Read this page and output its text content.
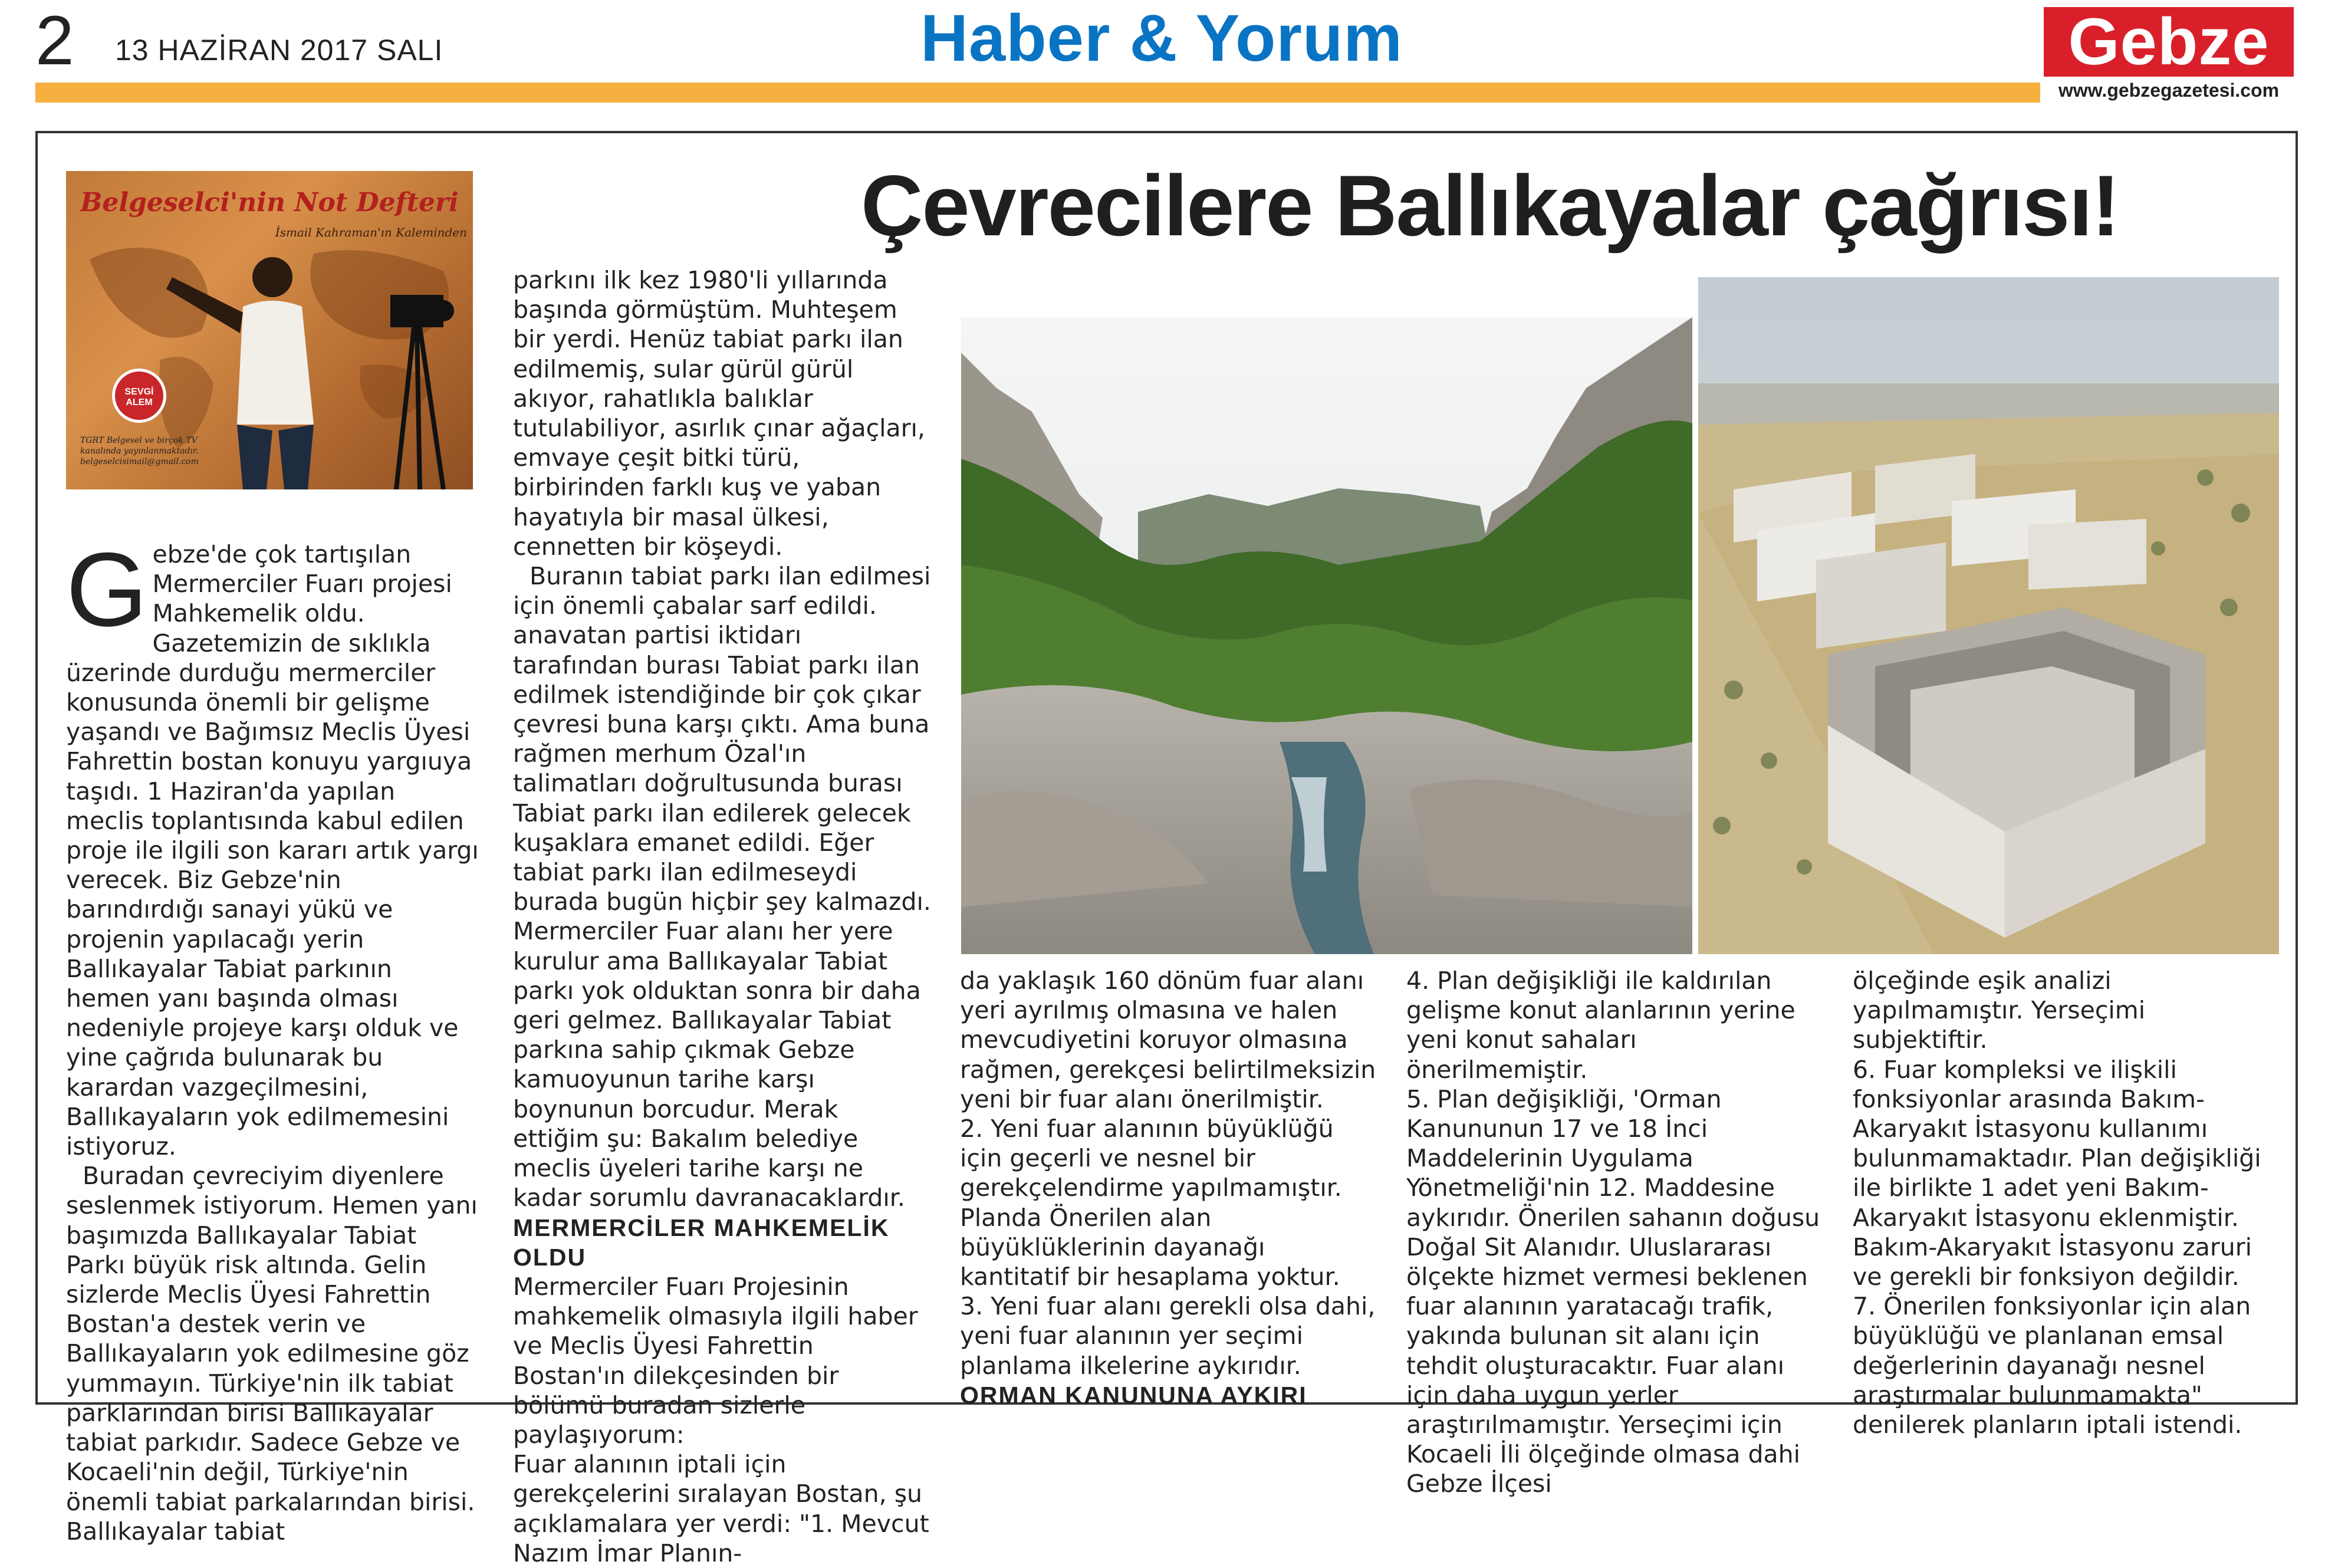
2 13 HAZİRAN 2017 SALI	Haber & Yorum	Gebze
www.gebzegazetesi.com
Belgeselci'nin Not Defteri
İsmail Kahraman'ın Kaleminden
SEVGİ ALEM
TGRT Belgesel ve birçok TV
kanalında yayınlanmaktadır.
belgeselcisimail@gmail.com
Çevrecilere Ballıkayalar çağrısı!

Gebze'de çok tartışılan Mermerciler Fuarı projesi Mahkemelik oldu. Gazetemizin de sıklıkla üzerinde durduğu mermerciler konusunda önemli bir gelişme yaşandı ve Bağımsız Meclis Üyesi Fahrettin bostan konuyu yargıuya taşıdı. 1 Haziran'da yapılan meclis toplantısında kabul edilen proje ile ilgili son kararı artık yargı verecek. Biz Gebze'nin barındırdığı sanayi yükü ve projenin yapılacağı yerin Ballıkayalar Tabiat parkının hemen yanı başında olması nedeniyle projeye karşı olduk ve yine çağrıda bulunarak bu karardan vazgeçilmesini, Ballıkayaların yok edilmemesini istiyoruz.

Buradan çevreciyim diyenlere seslenmek istiyorum. Hemen yanı başımızda Ballıkayalar Tabiat Parkı büyük risk altında. Gelin sizlerde Meclis Üyesi Fahrettin Bostan'a destek verin ve Ballıkayaların yok edilmesine göz yummayın. Türkiye'nin ilk tabiat parklarından birisi Ballıkayalar tabiat parkıdır. Sadece Gebze ve Kocaeli'nin değil, Türkiye'nin önemli tabiat parkalarından birisi. Ballıkayalar tabiat

parkını ilk kez 1980'li yıllarında başında görmüştüm. Muhteşem bir yerdi. Henüz tabiat parkı ilan edilmemiş, sular gürül gürül akıyor, rahatlıkla balıklar tutulabiliyor, asırlık çınar ağaçları, emvaye çeşit bitki türü, birbirinden farklı kuş ve yaban hayatıyla bir masal ülkesi, cennetten bir köşeydi.

Buranın tabiat parkı ilan edilmesi için önemli çabalar sarf edildi. anavatan partisi iktidarı tarafından burası Tabiat parkı ilan edilmek istendiğinde bir çok çıkar çevresi buna karşı çıktı. Ama buna rağmen merhum Özal'ın talimatları doğrultusunda burası Tabiat parkı ilan edilerek gelecek kuşaklara emanet edildi. Eğer tabiat parkı ilan edilmeseydi burada bugün hiçbir şey kalmazdı.

Mermerciler Fuar alanı her yere kurulur ama Ballıkayalar Tabiat parkı yok olduktan sonra bir daha geri gelmez. Ballıkayalar Tabiat parkına sahip çıkmak Gebze kamuoyunun tarihe karşı boynunun borcudur. Merak ettiğim şu: Bakalım belediye meclis üyeleri tarihe karşı ne kadar sorumlu davranacaklardır.

MERMERCİLER MAHKEMELİK OLDU

Mermerciler Fuarı Projesinin mahkemelik olmasıyla ilgili haber ve Meclis Üyesi Fahrettin Bostan'ın dilekçesinden bir bölümü buradan sizlerle paylaşıyorum:

Fuar alanının iptali için gerekçelerini sıralayan Bostan, şu açıklamalara yer verdi: "1. Mevcut Nazım İmar Planın-

da yaklaşık 160 dönüm fuar alanı yeri ayrılmış olmasına ve halen mevcudiyetini koruyor olmasına rağmen, gerekçesi belirtilmeksizin yeni bir fuar alanı önerilmiştir.

2. Yeni fuar alanının büyüklüğü için geçerli ve nesnel bir gerekçelendirme yapılmamıştır. Planda Önerilen alan büyüklüklerinin dayanağı kantitatif bir hesaplama yoktur.

3. Yeni fuar alanı gerekli olsa dahi, yeni fuar alanının yer seçimi planlama ilkelerine aykırıdır.

ORMAN KANUNUNA AYKIRI

4. Plan değişikliği ile kaldırılan gelişme konut alanlarının yerine yeni konut sahaları önerilmemiştir.

5. Plan değişikliği, 'Orman Kanununun 17 ve 18 İnci Maddelerinin Uygulama Yönetmeliği'nin 12. Maddesine aykırıdır. Önerilen sahanın doğusu Doğal Sit Alanıdır. Uluslararası ölçekte hizmet vermesi beklenen fuar alanının yaratacağı trafik, yakında bulunan sit alanı için tehdit oluşturacaktır. Fuar alanı için daha uygun yerler araştırılmamıştır. Yerseçimi için Kocaeli İli ölçeğinde olmasa dahi Gebze İlçesi

ölçeğinde eşik analizi yapılmamıştır. Yerseçimi subjektiftir.

6. Fuar kompleksi ve ilişkili fonksiyonlar arasında Bakım-Akaryakıt İstasyonu kullanımı bulunmamaktadır. Plan değişikliği ile birlikte 1 adet yeni Bakım-Akaryakıt İstasyonu eklenmiştir. Bakım-Akaryakıt İstasyonu zaruri ve gerekli bir fonksiyon değildir.

7. Önerilen fonksiyonlar için alan büyüklüğü ve planlanan emsal değerlerinin dayanağı nesnel araştırmalar bulunmamakta" denilerek planların iptali istendi.
